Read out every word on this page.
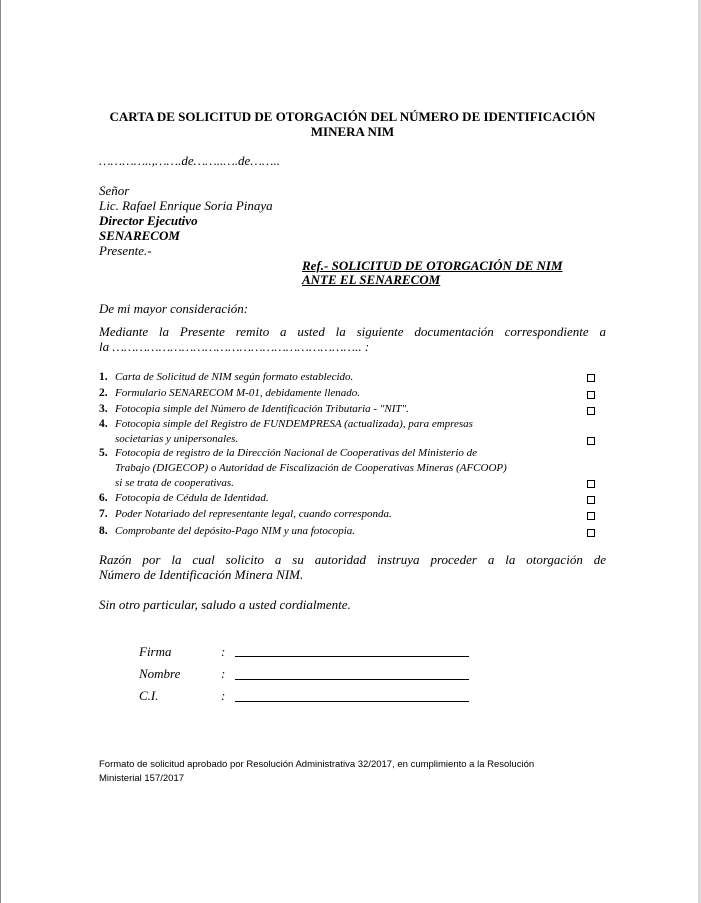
CARTA DE SOLICITUD DE OTORGACIÓN DEL NÚMERO DE IDENTIFICACIÓN
MINERA NIM
…………..,…….de……..….de……..
Señor
Lic. Rafael Enrique Soria Pinaya
Director Ejecutivo
SENARECOM
Presente.-
Ref.- SOLICITUD DE OTORGACIÓN DE NIM
ANTE EL SENARECOM
De mi mayor consideración:
Mediante la Presente remito a usted la siguiente documentación correspondiente a
la ……………………………………………………….. :
1. Carta de Solicitud de NIM según formato establecido.
2. Formulario SENARECOM M-01, debidamente llenado.
3. Fotocopia simple del Número de Identificación Tributaria - "NIT".
4. Fotocopia simple del Registro de FUNDEMPRESA (actualizada), para empresas
societarias y unipersonales.
5. Fotocopia de registro de la Dirección Nacional de Cooperativas del Ministerio de
Trabajo (DIGECOP) o Autoridad de Fiscalización de Cooperativas Mineras (AFCOOP)
si se trata de cooperativas.
6. Fotocopia de Cédula de Identidad.
7. Poder Notariado del representante legal, cuando corresponda.
8. Comprobante del depósito-Pago NIM y una fotocopia.
Razón por la cual solicito a su autoridad instruya proceder a la otorgación de
Número de Identificación Minera NIM.
Sin otro particular, saludo a usted cordialmente.
Firma	:
Nombre	:
C.I.	:
Formato de solicitud aprobado por Resolución Administrativa 32/2017, en cumplimiento a la Resolución
Ministerial 157/2017
